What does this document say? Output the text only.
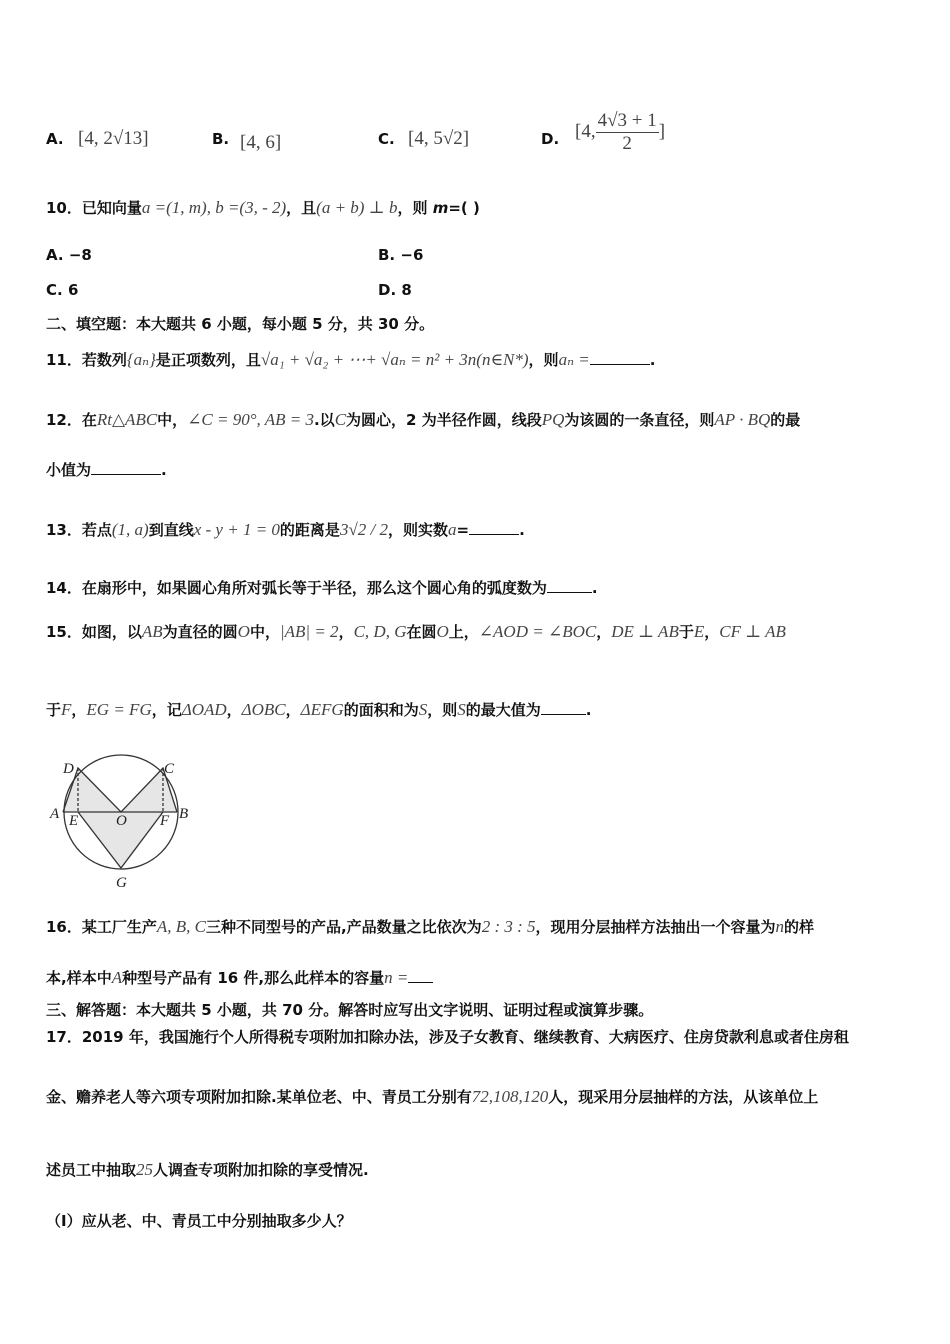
A. [4, 2√13]	B. [4, 6]	C. [4, 5√2]	D. [4, $\frac{4√3 + 1}{2}$ ]
A. −8	B. −6
C. 6	D. 8
10．已知向量a =(1, m), b =(3, - 2)，且(a + b) ⊥ b，则 m=( )
二、填空题：本大题共 6 小题，每小题 5 分，共 30 分。
11．若数列{aₙ}是正项数列，且√a₁ + √a₂ + ⋯+ √aₙ = n² + 3n(n∈N*)，则aₙ =	.
12．在Rt△ABC中，∠C = 90°, AB = 3.以C为圆心，2 为半径作圆，线段PQ为该圆的一条直径，则AP · BQ的最
小值为	.
13．若点(1, a)到直线x - y + 1 = 0的距离是3√2 / 2，则实数a=	.
14．在扇形中，如果圆心角所对弧长等于半径，那么这个圆心角的弧度数为	.
15．如图，以AB为直径的圆O中，|AB| = 2，C, D, G在圆O上，∠AOD = ∠BOC，DE ⊥ AB于E，CF ⊥ AB
于F，EG = FG，记ΔOAD，ΔOBC，ΔEFG的面积和为S，则S的最大值为	.
16．某工厂生产A, B, C三种不同型号的产品,产品数量之比依次为2 : 3 : 5，现用分层抽样方法抽出一个容量为n的样
本,样本中A种型号产品有 16 件,那么此样本的容量n =
三、解答题：本大题共 5 小题，共 70 分。解答时应写出文字说明、证明过程或演算步骤。
17．2019 年，我国施行个人所得税专项附加扣除办法，涉及子女教育、继续教育、大病医疗、住房贷款利息或者住房租
金、赡养老人等六项专项附加扣除.某单位老、中、青员工分别有72,108,120人，现采用分层抽样的方法，从该单位上
述员工中抽取25人调查专项附加扣除的享受情况.
（Ⅰ）应从老、中、青员工中分别抽取多少人？
A	B
C
D
E	F
O
G
